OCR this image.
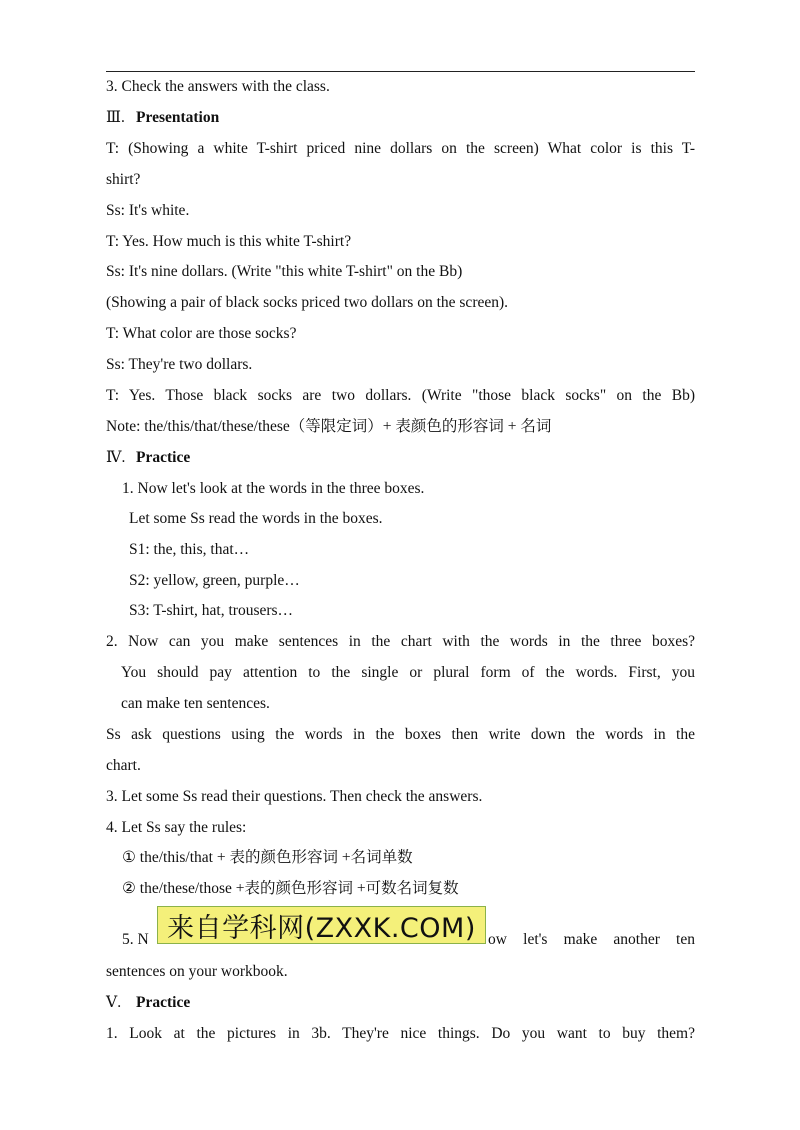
3. Check the answers with the class.
Ⅲ. Presentation
T: (Showing a white T-shirt priced nine dollars on the screen) What color is this T-
shirt?
Ss: It's white.
T: Yes. How much is this white T-shirt?
Ss: It's nine dollars. (Write "this white T-shirt" on the Bb)
(Showing a pair of black socks priced two dollars on the screen).
T: What color are those socks?
Ss: They're two dollars.
T: Yes. Those black socks are two dollars. (Write "those black socks" on the Bb)
Note: the/this/that/these/these（等限定词）+ 表颜色的形容词 + 名词
Ⅳ. Practice
1. Now let's look at the words in the three boxes.
Let some Ss read the words in the boxes.
S1: the, this, that…
S2: yellow, green, purple…
S3: T-shirt, hat, trousers…
2. Now can you make sentences in the chart with the words in the three boxes?
You should pay attention to the single or plural form of the words. First, you
can make ten sentences.
Ss ask questions using the words in the boxes then write down the words in the
chart.
3. Let some Ss read their questions. Then check the answers.
4. Let Ss say the rules:
① the/this/that + 表的颜色形容词 +名词单数
② the/these/those +表的颜色形容词 +可数名词复数
5. N	ow let's make another ten
来自学科网(ZXXK.COM)
sentences on your workbook.
Ⅴ. Practice
1. Look at the pictures in 3b. They're nice things. Do you want to buy them?
